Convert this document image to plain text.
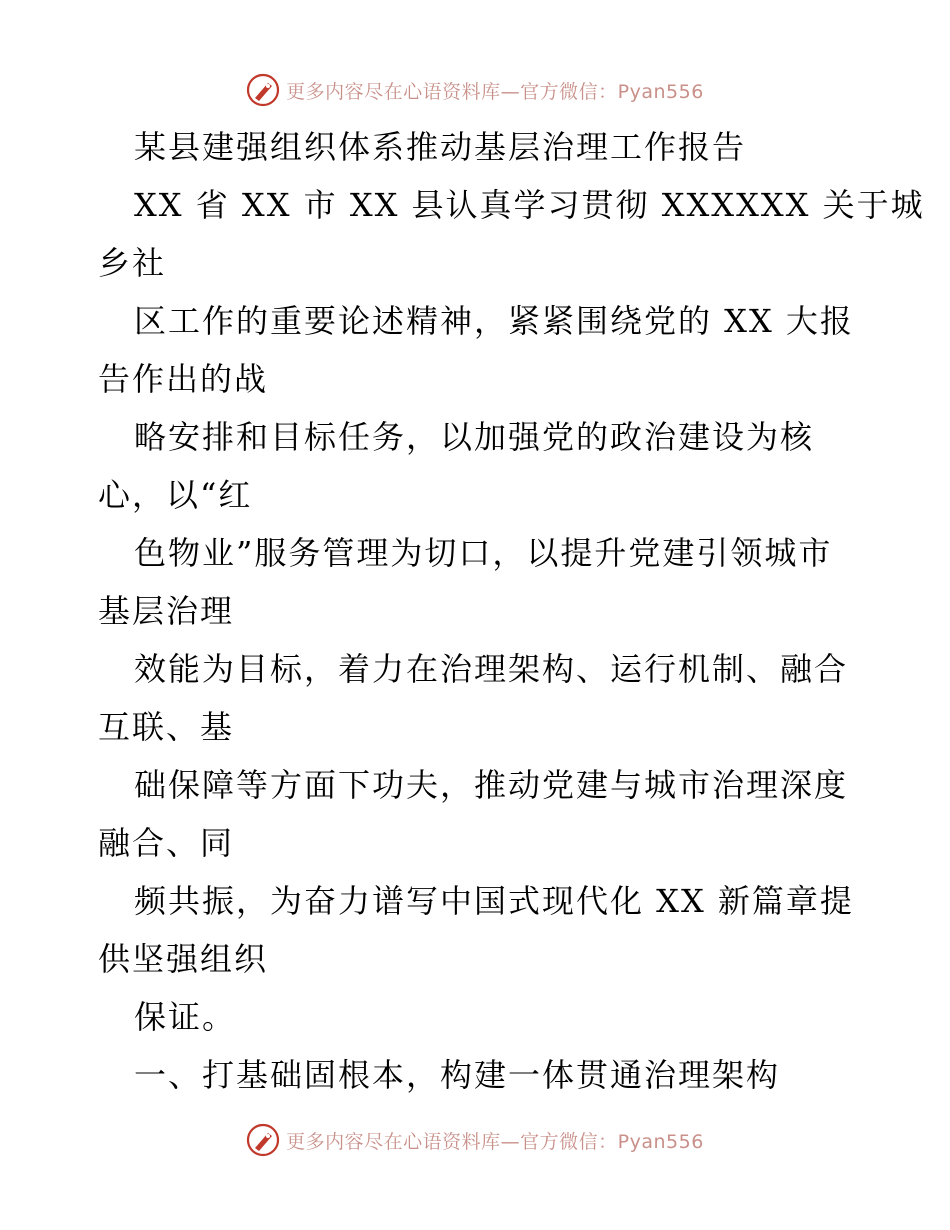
更多内容尽在心语资料库—官方微信：Pyan556
某县建强组织体系推动基层治理工作报告
XX 省 XX 市 XX 县认真学习贯彻 XXXXXX 关于城
乡社
区工作的重要论述精神，紧紧围绕党的 XX 大报
告作出的战
略安排和目标任务，以加强党的政治建设为核
心，以“红
色物业”服务管理为切口，以提升党建引领城市
基层治理
效能为目标，着力在治理架构、运行机制、融合
互联、基
础保障等方面下功夫，推动党建与城市治理深度
融合、同
频共振，为奋力谱写中国式现代化 XX 新篇章提
供坚强组织
保证。
一、打基础固根本，构建一体贯通治理架构
更多内容尽在心语资料库—官方微信：Pyan556
